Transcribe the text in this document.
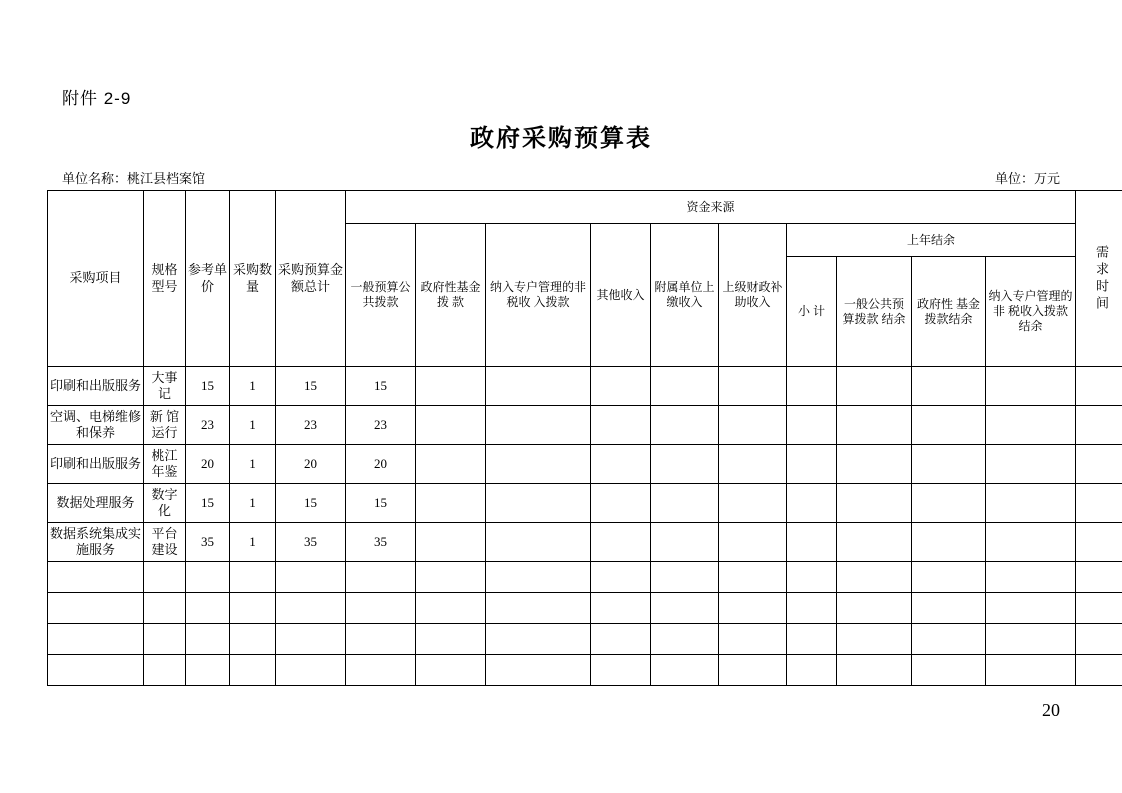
附件 2-9
政府采购预算表
单位名称：桃江县档案馆	单位：万元
采购项目	规格型号	参考单价	采购数量	采购预算金额总计	资金来源										需求时间

					一般预算公共拨款	政府性基金拨 款	纳入专户管理的非税收 入拨款	其他收入	附属单位上缴收入	上级财政补助收入	上年结余				
											小 计	一般公共预算拨款 结余	政府性 基金拨款结余	纳入专户管理的非 税收入拨款结余	

印刷和出版服务	大事记	15	1	15	15										
空调、电梯维修和保养	新 馆运行	23	1	23	23										
印刷和出版服务	桃江年鉴	20	1	20	20										
数据处理服务	数字化	15	1	15	15										
数据系统集成实施服务	平台建设	35	1	35	35										

20
